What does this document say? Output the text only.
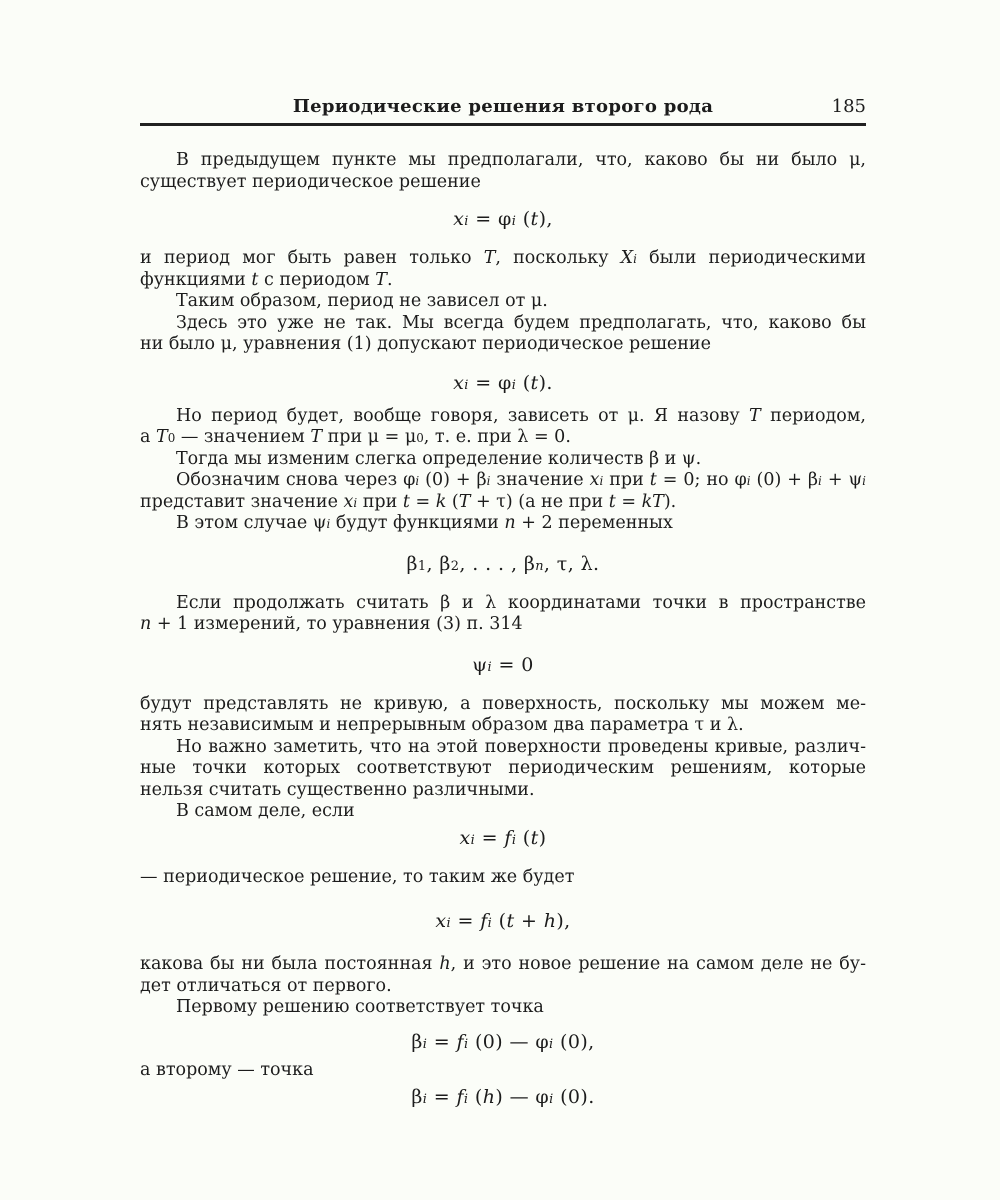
Периодические решения второго рода	185
В предыдущем пункте мы предполагали, что, каково бы ни было μ,
существует периодическое решение
$x_i = \varphi_i$ (t),
и период мог быть равен только T, поскольку $X_i$ были периодическими
функциями t с периодом T.
Таким образом, период не зависел от μ.
Здесь это уже не так. Мы всегда будем предполагать, что, каково бы
ни было μ, уравнения (1) допускают периодическое решение
$x_i = \varphi_i$ (t).
Но период будет, вообще говоря, зависеть от μ. Я назову T периодом,
а $T_0$ — значением T при $\mu = \mu_0$, т. е. при λ = 0.
Тогда мы изменим слегка определение количеств β и ψ.
Обозначим снова через $\varphi_i$ $(0) + \beta_i$ значение $x_i$ при t = 0; но $\varphi_i$ $(0) + \beta_i + \psi_i$
представит значение $x_i$ при t = k (T + τ) (а не при t = kT).
В этом случае $\psi_i$ будут функциями n + 2 переменных
$\beta_1$, $\beta_2$, . . . , $\beta_n$, τ, λ.
Если продолжать считать β и λ координатами точки в пространстве
n + 1 измерений, то уравнения (3) п. 314
$\psi_i = 0$
будут представлять не кривую, а поверхность, поскольку мы можем ме-
нять независимым и непрерывным образом два параметра τ и λ.
Но важно заметить, что на этой поверхности проведены кривые, различ-
ные точки которых соответствуют периодическим решениям, которые
нельзя считать существенно различными.
В самом деле, если
$x_i = f_i$ (t)
— периодическое решение, то таким же будет
$x_i = f_i$ (t + h),
какова бы ни была постоянная h, и это новое решение на самом деле не бу-
дет отличаться от первого.
Первому решению соответствует точка
$\beta_i = f_i$ (0) — $\varphi_i$ (0),
а второму — точка
$\beta_i = f_i$ (h) — $\varphi_i$ (0).
